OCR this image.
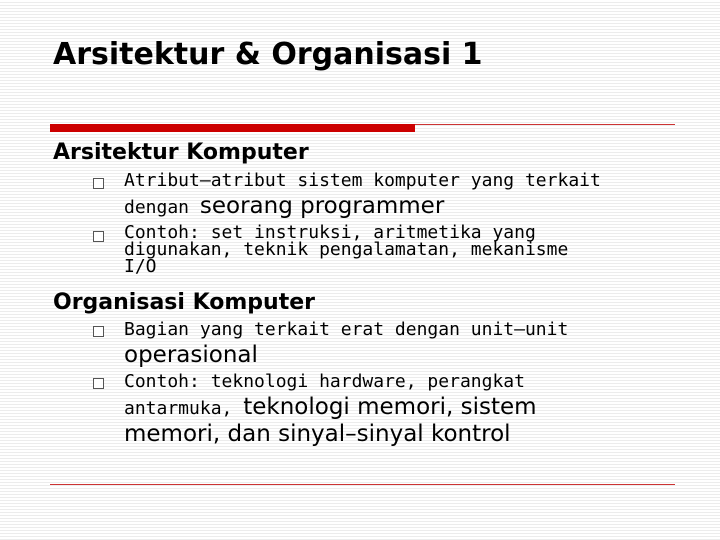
Arsitektur & Organisasi 1
Arsitektur Komputer
Atribut–atribut sistem komputer yang terkait
dengan seorang programmer
Contoh: set instruksi, aritmetika yang
digunakan, teknik pengalamatan, mekanisme
I/O
Organisasi Komputer
Bagian yang terkait erat dengan unit–unit
operasional
Contoh: teknologi hardware, perangkat
antarmuka, teknologi memori, sistem
memori, dan sinyal–sinyal kontrol
